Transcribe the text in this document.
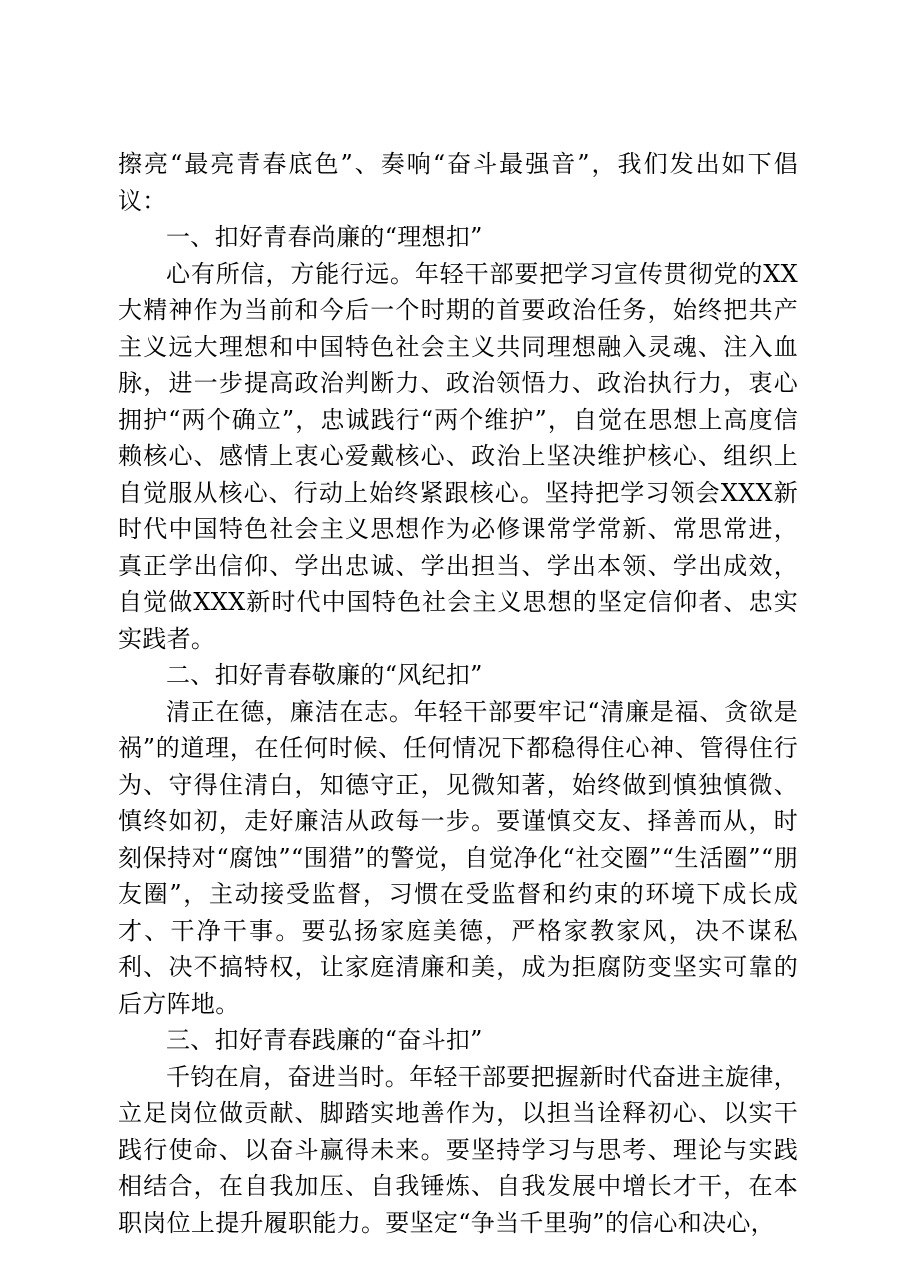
擦亮“最亮青春底色”、奏响“奋斗最强音”，我们发出如下倡议：

一、扣好青春尚廉的“理想扣”

心有所信，方能行远。年轻干部要把学习宣传贯彻党的XX大精神作为当前和今后一个时期的首要政治任务，始终把共产主义远大理想和中国特色社会主义共同理想融入灵魂、注入血脉，进一步提高政治判断力、政治领悟力、政治执行力，衷心拥护“两个确立”，忠诚践行“两个维护”，自觉在思想上高度信赖核心、感情上衷心爱戴核心、政治上坚决维护核心、组织上自觉服从核心、行动上始终紧跟核心。坚持把学习领会XXX新时代中国特色社会主义思想作为必修课常学常新、常思常进，真正学出信仰、学出忠诚、学出担当、学出本领、学出成效，自觉做XXX新时代中国特色社会主义思想的坚定信仰者、忠实实践者。

二、扣好青春敬廉的“风纪扣”

清正在德，廉洁在志。年轻干部要牢记“清廉是福、贪欲是祸”的道理，在任何时候、任何情况下都稳得住心神、管得住行为、守得住清白，知德守正，见微知著，始终做到慎独慎微、慎终如初，走好廉洁从政每一步。要谨慎交友、择善而从，时刻保持对“腐蚀”“围猎”的警觉，自觉净化“社交圈”“生活圈”“朋友圈”，主动接受监督，习惯在受监督和约束的环境下成长成才、干净干事。要弘扬家庭美德，严格家教家风，决不谋私利、决不搞特权，让家庭清廉和美，成为拒腐防变坚实可靠的后方阵地。

三、扣好青春践廉的“奋斗扣”

千钧在肩，奋进当时。年轻干部要把握新时代奋进主旋律，立足岗位做贡献、脚踏实地善作为，以担当诠释初心、以实干践行使命、以奋斗赢得未来。要坚持学习与思考、理论与实践相结合，在自我加压、自我锤炼、自我发展中增长才干，在本职岗位上提升履职能力。要坚定“争当千里驹”的信心和决心，
